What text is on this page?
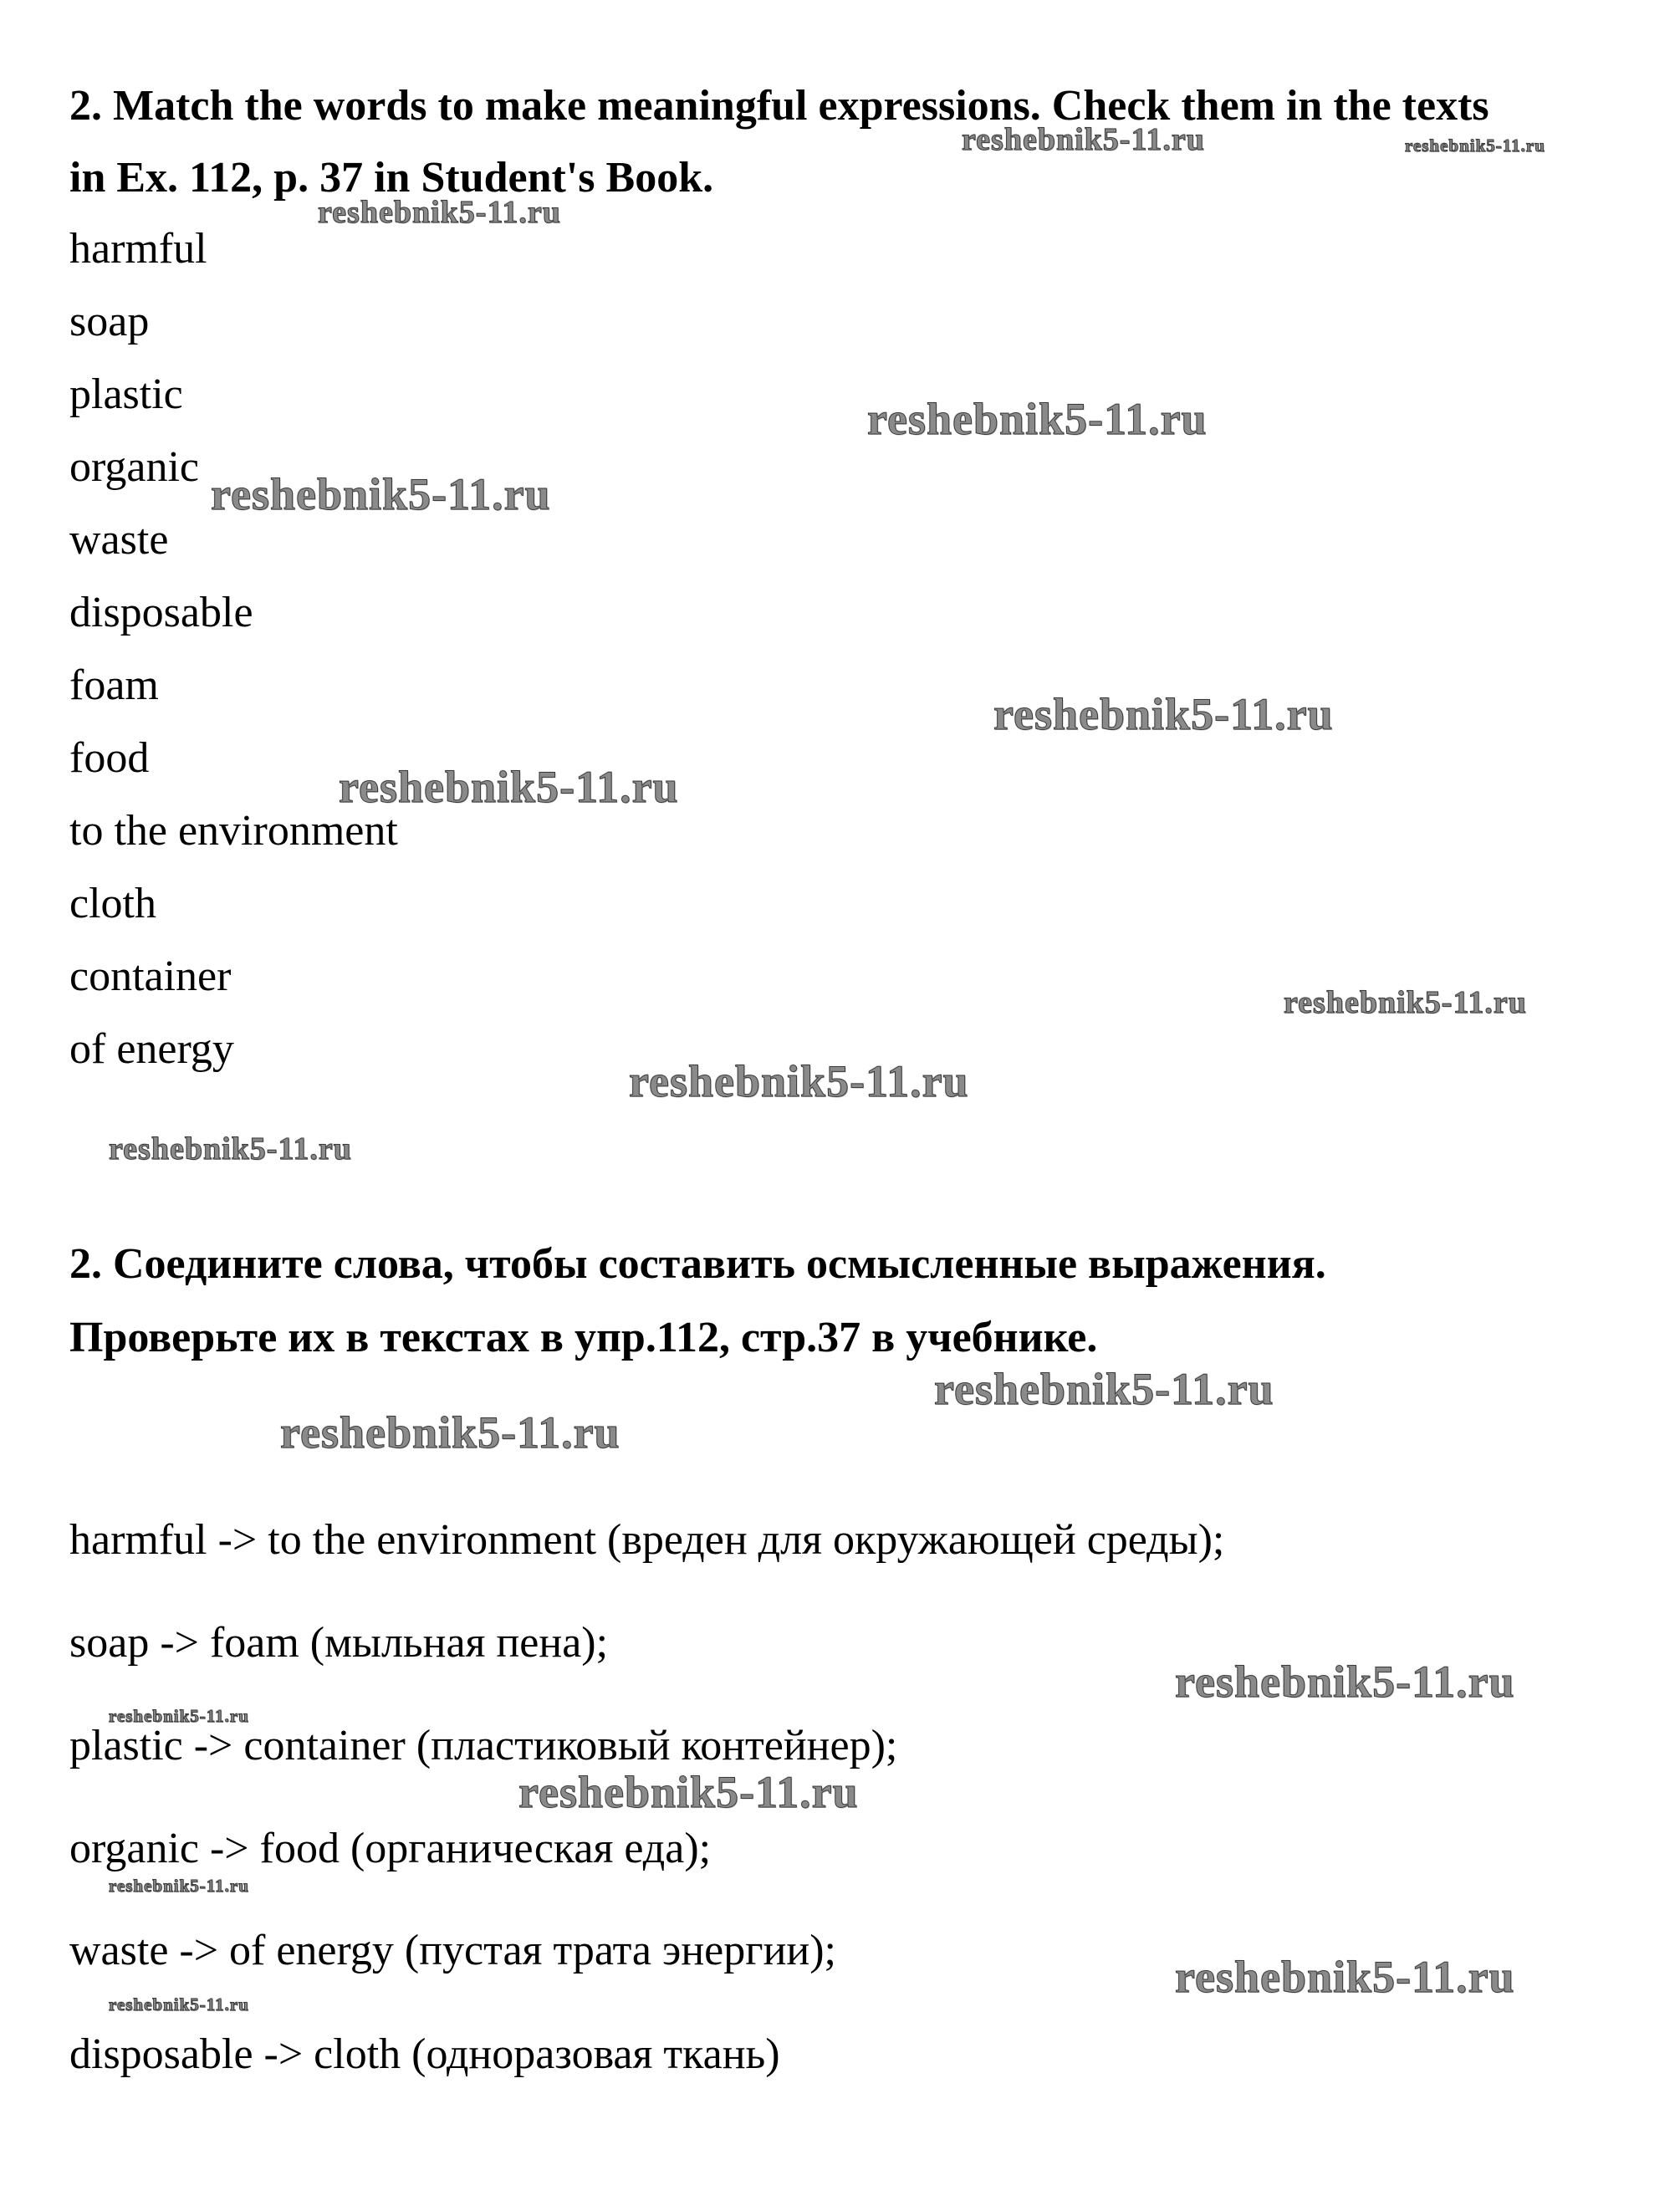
2. Match the words to make meaningful expressions. Check them in the texts

in Ex. 112, p. 37 in Student's Book.

harmful

soap

plastic

organic

waste

disposable

foam

food

to the environment

cloth

container

of energy

2. Соедините слова, чтобы составить осмысленные выражения.

Проверьте их в текстах в упр.112, стр.37 в учебнике.

harmful -> to the environment (вреден для окружающей среды);

soap -> foam (мыльная пена);

plastic -> container (пластиковый контейнер);

organic -> food (органическая еда);

waste -> of energy (пустая трата энергии);

disposable -> cloth (одноразовая ткань)

reshebnik5-11.ru	reshebnik5-11.ru
reshebnik5-11.ru
reshebnik5-11.ru
reshebnik5-11.ru
reshebnik5-11.ru
reshebnik5-11.ru
reshebnik5-11.ru
reshebnik5-11.ru
reshebnik5-11.ru
reshebnik5-11.ru
reshebnik5-11.ru
reshebnik5-11.ru
reshebnik5-11.ru
reshebnik5-11.ru
reshebnik5-11.ru
reshebnik5-11.ru
reshebnik5-11.ru
